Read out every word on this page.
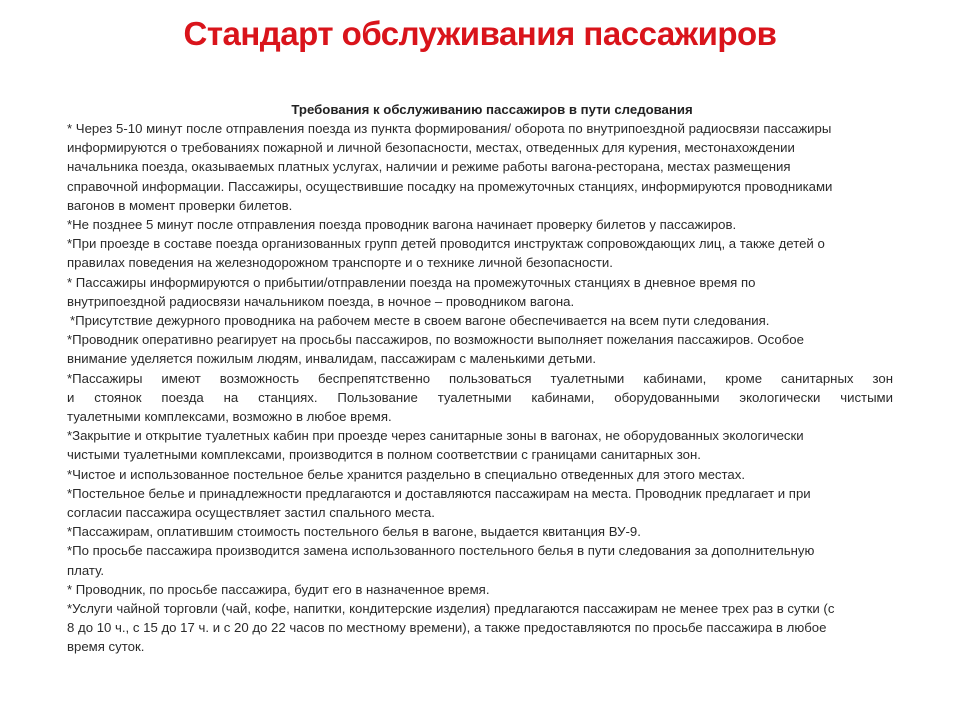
Стандарт обслуживания пассажиров
Требования к обслуживанию пассажиров в пути следования

* Через 5-10 минут после отправления поезда из пункта формирования/ оборота по внутрипоездной радиосвязи пассажиры
информируются о требованиях пожарной и личной безопасности, местах, отведенных для курения, местонахождении
начальника поезда, оказываемых платных услугах, наличии и режиме работы вагона-ресторана, местах размещения
справочной информации. Пассажиры, осуществившие посадку на промежуточных станциях, информируются проводниками
вагонов в момент проверки билетов.

*Не позднее 5 минут после отправления поезда проводник вагона начинает проверку билетов у пассажиров.

*При проезде в составе поезда организованных групп детей проводится инструктаж сопровождающих лиц, а также детей о
правилах поведения на железнодорожном транспорте и о технике личной безопасности.

* Пассажиры информируются о прибытии/отправлении поезда на промежуточных станциях в дневное время по
внутрипоездной радиосвязи начальником поезда, в ночное – проводником вагона.

*Присутствие дежурного проводника на рабочем месте в своем вагоне обеспечивается на всем пути следования.

*Проводник оперативно реагирует на просьбы пассажиров, по возможности выполняет пожелания пассажиров. Особое
внимание уделяется пожилым людям, инвалидам, пассажирам с маленькими детьми.

*Пассажиры имеют возможность беспрепятственно пользоваться туалетными кабинами, кроме санитарных зон
и стоянок поезда на станциях. Пользование туалетными кабинами, оборудованными экологически чистыми
туалетными комплексами, возможно в любое время.

*Закрытие и открытие туалетных кабин при проезде через санитарные зоны в вагонах, не оборудованных экологически
чистыми туалетными комплексами, производится в полном соответствии с границами санитарных зон.

*Чистое и использованное постельное белье хранится раздельно в специально отведенных для этого местах.

*Постельное белье и принадлежности предлагаются и доставляются пассажирам на места. Проводник предлагает и при
согласии пассажира осуществляет застил спального места.

*Пассажирам, оплатившим стоимость постельного белья в вагоне, выдается квитанция ВУ-9.

*По просьбе пассажира производится замена использованного постельного белья в пути следования за дополнительную
плату.

* Проводник, по просьбе пассажира, будит его в назначенное время.

*Услуги чайной торговли (чай, кофе, напитки, кондитерские изделия) предлагаются пассажирам не менее трех раз в сутки (с
8 до 10 ч., с 15 до 17 ч. и с 20 до 22 часов по местному времени), а также предоставляются по просьбе пассажира в любое
время суток.
